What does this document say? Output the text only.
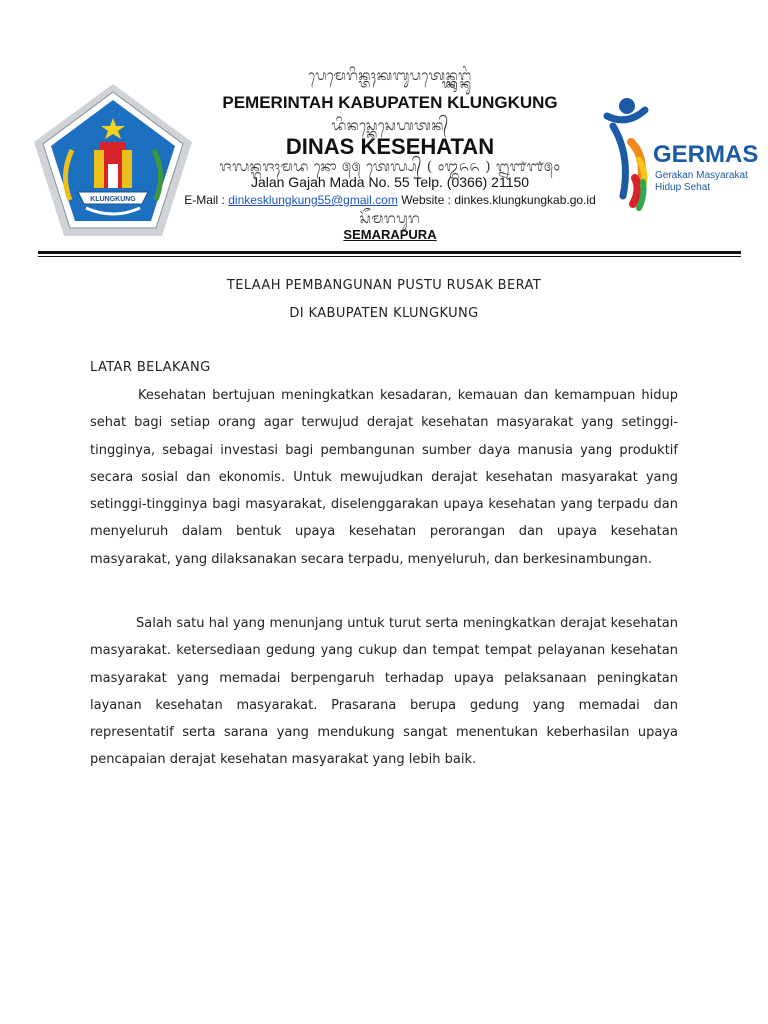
KLUNGKUNG
ᬧᬾᬫᬾᬭᬶᬦ᭄ᬢᬄᬓᬩᬸᬧᬢᬾᬦ᭄ᬓ᭄ᬮᬸᬗ᭄ᬓᬸᬂ
PEMERINTAH KABUPATEN KLUNGKUNG
ᬤᬶᬦᬲ᭄ᬓᬾᬲᬾᬳᬢᬦ᭄
DINAS KESEHATAN
ᬚᬮᬦ᭄ᬕᬚᬄᬫᬤ ᬦᭀ ᭕᭕ ᬢᬾᬮ᭄ᬧ᭄ ( ᭐᭓᭖᭖ ) ᭒᭑᭑᭕᭐
Jalan Gajah Mada No. 55 Telp. (0366) 21150
E-Mail : dinkesklungkung55@gmail.com Website : dinkes.klungkungkab.go.id
ᬲᭂᬫᬭᬧᬸᬭ
SEMARAPURA
GERMAS
Gerakan Masyarakat
Hidup Sehat
TELAAH PEMBANGUNAN PUSTU RUSAK BERAT
DI KABUPATEN KLUNGKUNG
LATAR BELAKANG

Kesehatan bertujuan meningkatkan kesadaran, kemauan dan kemampuan hidup sehat bagi setiap orang agar terwujud derajat kesehatan masyarakat yang setinggi-tingginya, sebagai investasi bagi pembangunan sumber daya manusia yang produktif secara sosial dan ekonomis. Untuk mewujudkan derajat kesehatan masyarakat yang setinggi-tingginya bagi masyarakat, diselenggarakan upaya kesehatan yang terpadu dan menyeluruh dalam bentuk upaya kesehatan perorangan dan upaya kesehatan masyarakat, yang dilaksanakan secara terpadu, menyeluruh, dan berkesinambungan.

Salah satu hal yang menunjang untuk turut serta meningkatkan derajat kesehatan masyarakat. ketersediaan gedung yang cukup dan tempat tempat pelayanan kesehatan masyarakat yang memadai berpengaruh terhadap upaya pelaksanaan peningkatan layanan kesehatan masyarakat. Prasarana berupa gedung yang memadai dan representatif serta sarana yang mendukung sangat menentukan keberhasilan upaya pencapaian derajat kesehatan masyarakat yang lebih baik.
